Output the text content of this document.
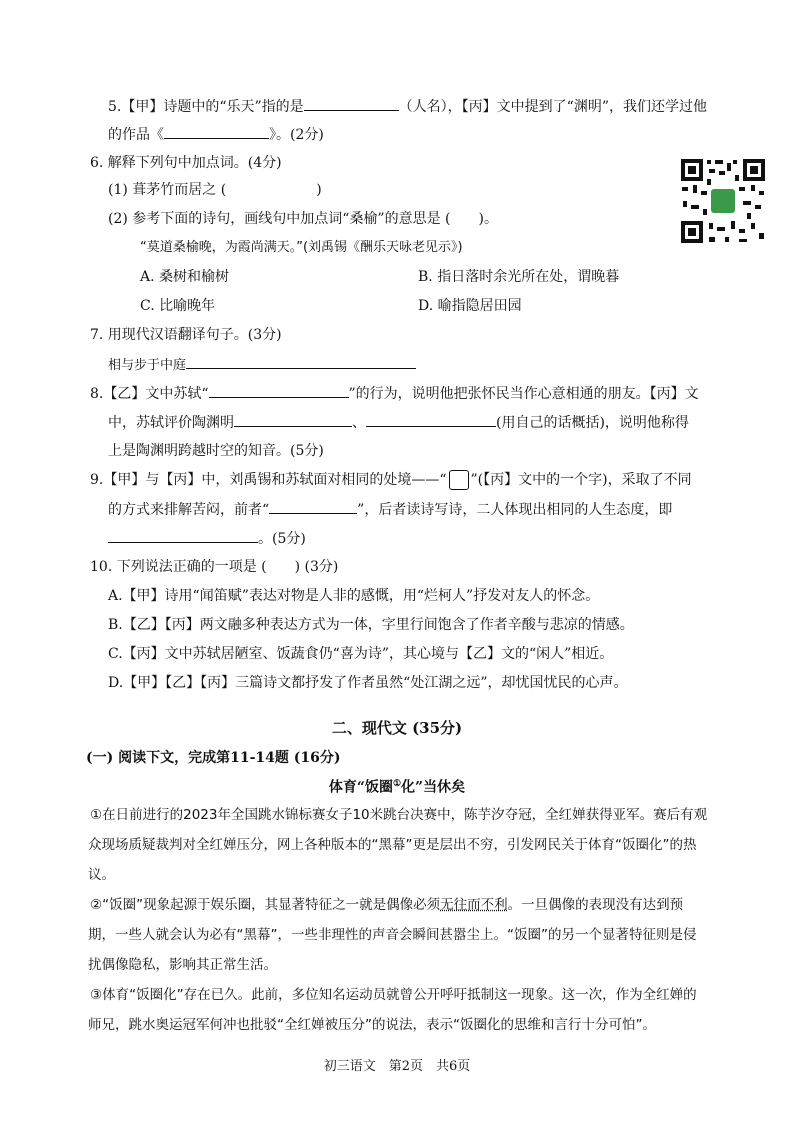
5.【甲】诗题中的“乐天”指的是	（人名），【丙】文中提到了“渊明”，我们还学过他
的作品《	》。(2分)
6. 解释下列句中加点词。(4分)
(1) 葺茅竹而居之 (	)
(2) 参考下面的诗句，画线句中加点词“桑榆”的意思是 (　　)。
“莫道桑榆晚，为霞尚满天。”(刘禹锡《酬乐天咏老见示》)
A. 桑树和榆树	B. 指日落时余光所在处，谓晚暮
C. 比喻晚年	D. 喻指隐居田园
7. 用现代汉语翻译句子。(3分)
相与步于中庭
8.【乙】文中苏轼“	”的行为，说明他把张怀民当作心意相通的朋友。【丙】文
中，苏轼评价陶渊明	、	(用自己的话概括)，说明他称得
上是陶渊明跨越时空的知音。(5分)
9.【甲】与【丙】中，刘禹锡和苏轼面对相同的处境——“ ”(【丙】文中的一个字)，采取了不同
的方式来排解苦闷，前者“	”，后者读诗写诗，二人体现出相同的人生态度，即
。(5分)
10. 下列说法正确的一项是 (　　) (3分)
A.【甲】诗用“闻笛赋”表达对物是人非的感慨，用“烂柯人”抒发对友人的怀念。
B.【乙】【丙】两文融多种表达方式为一体，字里行间饱含了作者辛酸与悲凉的情感。
C.【丙】文中苏轼居陋室、饭蔬食仍“喜为诗”，其心境与【乙】文的“闲人”相近。
D.【甲】【乙】【丙】三篇诗文都抒发了作者虽然“处江湖之远”，却忧国忧民的心声。
二、现代文 (35分)
(一) 阅读下文，完成第11-14题 (16分)
体育“饭圈①化”当休矣
①在日前进行的2023年全国跳水锦标赛女子10米跳台决赛中，陈芋汐夺冠，全红婵获得亚军。赛后有观众现场质疑裁判对全红婵压分，网上各种版本的“黑幕”更是层出不穷，引发网民关于体育“饭圈化”的热议。
②“饭圈”现象起源于娱乐圈，其显著特征之一就是偶像必须无往而不利。一旦偶像的表现没有达到预期，一些人就会认为必有“黑幕”，一些非理性的声音会瞬间甚嚣尘上。“饭圈”的另一个显著特征则是侵扰偶像隐私，影响其正常生活。
③体育“饭圈化”存在已久。此前，多位知名运动员就曾公开呼吁抵制这一现象。这一次，作为全红婵的师兄，跳水奥运冠军何冲也批驳“全红婵被压分”的说法，表示“饭圈化的思维和言行十分可怕”。
初三语文　第2页　共6页
